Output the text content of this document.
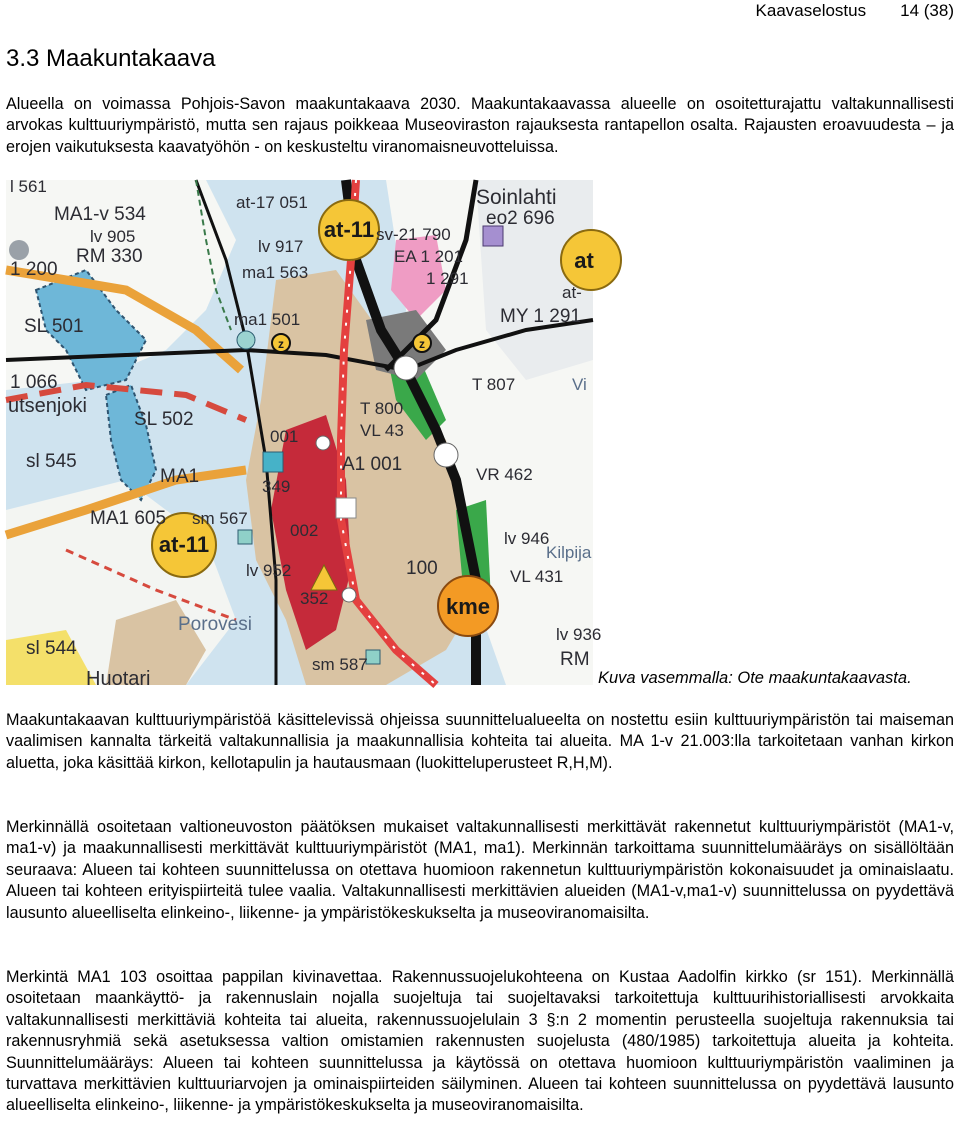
Kaavaselostus 14 (38)
3.3 Maakuntakaava

Alueella on voimassa Pohjois-Savon maakuntakaava 2030. Maakuntakaavassa alueelle on osoitetturajattu valtakunnallisesti arvokas kulttuuriympäristö, mutta sen rajaus poikkeaa Museoviraston rajauksesta rantapellon osalta. Rajausten eroavuudesta – ja erojen vaikutuksesta kaavatyöhön - on keskusteltu viranomaisneuvotteluissa.

l 561
MA1-v 534
lv 905
RM 330
1 200
SL 501
1 066
utsenjoki
SL 502
sl 545
MA1
MA1 605 sm 567
sl 544
Huotari
Porovesi
at-17 051
lv 917
ma1 563
ma1 501
Soinlahti
eo2 696
sv-21 790
EA 1 201
1 291
MY 1 291
T 807	Vi
T 800
VL 43
A1 001
001
VR 462
349
002	lv 946
Kilpija
VL 431
100
lv 952
352
sm 587
lv 936
RM
at-
at-11
at-11
at
kme
z
z
Kuva vasemmalla: Ote maakuntakaavasta.

Maakuntakaavan kulttuuriympäristöä käsittelevissä ohjeissa suunnittelualueelta on nostettu esiin kulttuuriympäristön tai maiseman vaalimisen kannalta tärkeitä valtakunnallisia ja maakunnallisia kohteita tai alueita. MA 1-v 21.003:lla tarkoitetaan vanhan kirkon aluetta, joka käsittää kirkon, kellotapulin ja hautausmaan (luokitteluperusteet R,H,M).

Merkinnällä osoitetaan valtioneuvoston päätöksen mukaiset valtakunnallisesti merkittävät rakennetut kulttuuriympäristöt (MA1-v, ma1-v) ja maakunnallisesti merkittävät kulttuuriympäristöt (MA1, ma1). Merkinnän tarkoittama suunnittelumääräys on sisällöltään seuraava: Alueen tai kohteen suunnittelussa on otettava huomioon rakennetun kulttuuriympäristön kokonaisuudet ja ominaislaatu. Alueen tai kohteen erityispiirteitä tulee vaalia. Valtakunnallisesti merkittävien alueiden (MA1-v,ma1-v) suunnittelussa on pyydettävä lausunto alueelliselta elinkeino-, liikenne- ja ympäristökeskukselta ja museoviranomaisilta.

Merkintä MA1 103 osoittaa pappilan kivinavettaa. Rakennussuojelukohteena on Kustaa Aadolfin kirkko (sr 151). Merkinnällä osoitetaan maankäyttö- ja rakennuslain nojalla suojeltuja tai suojeltavaksi tarkoitettuja kulttuurihistoriallisesti arvokkaita valtakunnallisesti merkittäviä kohteita tai alueita, rakennussuojelulain 3 §:n 2 momentin perusteella suojeltuja rakennuksia tai rakennusryhmiä sekä asetuksessa valtion omistamien rakennusten suojelusta (480/1985) tarkoitettuja alueita ja kohteita. Suunnittelumääräys: Alueen tai kohteen suunnittelussa ja käytössä on otettava huomioon kulttuuriympäristön vaaliminen ja turvattava merkittävien kulttuuriarvojen ja ominaispiirteiden säilyminen. Alueen tai kohteen suunnittelussa on pyydettävä lausunto alueelliselta elinkeino-, liikenne- ja ympäristökeskukselta ja museoviranomaisilta.
